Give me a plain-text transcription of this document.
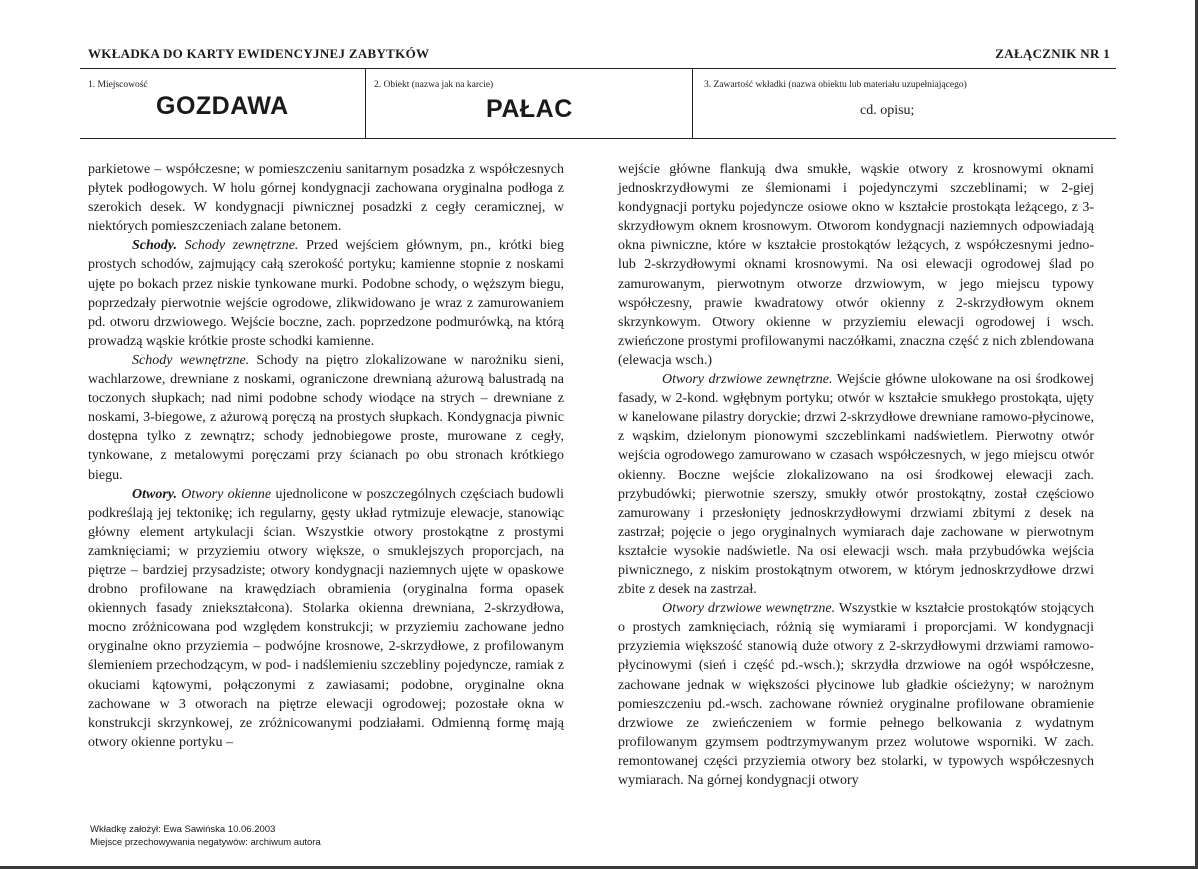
WKŁADKA DO KARTY EWIDENCYJNEJ ZABYTKÓW	ZAŁĄCZNIK NR 1
1. Miejscowość
GOZDAWA
2. Obiekt (nazwa jak na karcie)
PAŁAC
3. Zawartość wkładki (nazwa obiektu lub materiału uzupełniającego)
cd. opisu;

parkietowe – współczesne; w pomieszczeniu sanitarnym posadzka z współczesnych płytek podłogowych. W holu górnej kondygnacji zachowana oryginalna podłoga z szerokich desek. W kondygnacji piwnicznej posadzki z cegły ceramicznej, w niektórych pomieszczeniach zalane betonem.

Schody. Schody zewnętrzne. Przed wejściem głównym, pn., krótki bieg prostych schodów, zajmujący całą szerokość portyku; kamienne stopnie z noskami ujęte po bokach przez niskie tynkowane murki. Podobne schody, o węższym biegu, poprzedzały pierwotnie wejście ogrodowe, zlikwidowano je wraz z zamurowaniem pd. otworu drzwiowego. Wejście boczne, zach. poprzedzone podmurówką, na którą prowadzą wąskie krótkie proste schodki kamienne.

Schody wewnętrzne. Schody na piętro zlokalizowane w narożniku sieni, wachlarzowe, drewniane z noskami, ograniczone drewnianą ażurową balustradą na toczonych słupkach; nad nimi podobne schody wiodące na strych – drewniane z noskami, 3-biegowe, z ażurową poręczą na prostych słupkach. Kondygnacja piwnic dostępna tylko z zewnątrz; schody jednobiegowe proste, murowane z cegły, tynkowane, z metalowymi poręczami przy ścianach po obu stronach krótkiego biegu.

Otwory. Otwory okienne ujednolicone w poszczególnych częściach budowli podkreślają jej tektonikę; ich regularny, gęsty układ rytmizuje elewacje, stanowiąc główny element artykulacji ścian. Wszystkie otwory prostokątne z prostymi zamknięciami; w przyziemiu otwory większe, o smuklejszych proporcjach, na piętrze – bardziej przysadziste; otwory kondygnacji naziemnych ujęte w opaskowe drobno profilowane na krawędziach obramienia (oryginalna forma opasek okiennych fasady zniekształcona). Stolarka okienna drewniana, 2-skrzydłowa, mocno zróżnicowana pod względem konstrukcji; w przyziemiu zachowane jedno oryginalne okno przyziemia – podwójne krosnowe, 2-skrzydłowe, z profilowanym ślemieniem przechodzącym, w pod- i nadślemieniu szczebliny pojedyncze, ramiak z okuciami kątowymi, połączonymi z zawiasami; podobne, oryginalne okna zachowane w 3 otworach na piętrze elewacji ogrodowej; pozostałe okna w konstrukcji skrzynkowej, ze zróżnicowanymi podziałami. Odmienną formę mają otwory okienne portyku –

wejście główne flankują dwa smukłe, wąskie otwory z krosnowymi oknami jednoskrzydłowymi ze ślemionami i pojedynczymi szczeblinami; w 2-giej kondygnacji portyku pojedyncze osiowe okno w kształcie prostokąta leżącego, z 3-skrzydłowym oknem krosnowym. Otworom kondygnacji naziemnych odpowiadają okna piwniczne, które w kształcie prostokątów leżących, z współczesnymi jedno- lub 2-skrzydłowymi oknami krosnowymi. Na osi elewacji ogrodowej ślad po zamurowanym, pierwotnym otworze drzwiowym, w jego miejscu typowy współczesny, prawie kwadratowy otwór okienny z 2-skrzydłowym oknem skrzynkowym. Otwory okienne w przyziemiu elewacji ogrodowej i wsch. zwieńczone prostymi profilowanymi naczółkami, znaczna część z nich zblendowana (elewacja wsch.)

Otwory drzwiowe zewnętrzne. Wejście główne ulokowane na osi środkowej fasady, w 2-kond. wgłębnym portyku; otwór w kształcie smukłego prostokąta, ujęty w kanelowane pilastry doryckie; drzwi 2-skrzydłowe drewniane ramowo-płycinowe, z wąskim, dzielonym pionowymi szczeblinkami nadświetlem. Pierwotny otwór wejścia ogrodowego zamurowano w czasach współczesnych, w jego miejscu otwór okienny. Boczne wejście zlokalizowano na osi środkowej elewacji zach. przybudówki; pierwotnie szerszy, smukły otwór prostokątny, został częściowo zamurowany i przesłonięty jednoskrzydłowymi drzwiami zbitymi z desek na zastrzał; pojęcie o jego oryginalnych wymiarach daje zachowane w pierwotnym kształcie wysokie nadświetle. Na osi elewacji wsch. mała przybudówka wejścia piwnicznego, z niskim prostokątnym otworem, w którym jednoskrzydłowe drzwi zbite z desek na zastrzał.

Otwory drzwiowe wewnętrzne. Wszystkie w kształcie prostokątów stojących o prostych zamknięciach, różnią się wymiarami i proporcjami. W kondygnacji przyziemia większość stanowią duże otwory z 2-skrzydłowymi drzwiami ramowo-płycinowymi (sień i część pd.-wsch.); skrzydła drzwiowe na ogół współczesne, zachowane jednak w większości płycinowe lub gładkie ościeżyny; w narożnym pomieszczeniu pd.-wsch. zachowane również oryginalne profilowane obramienie drzwiowe ze zwieńczeniem w formie pełnego belkowania z wydatnym profilowanym gzymsem podtrzymywanym przez wolutowe wsporniki. W zach. remontowanej części przyziemia otwory bez stolarki, w typowych współczesnych wymiarach. Na górnej kondygnacji otwory

Wkładkę założył: Ewa Sawińska 10.06.2003
Miejsce przechowywania negatywów: archiwum autora
